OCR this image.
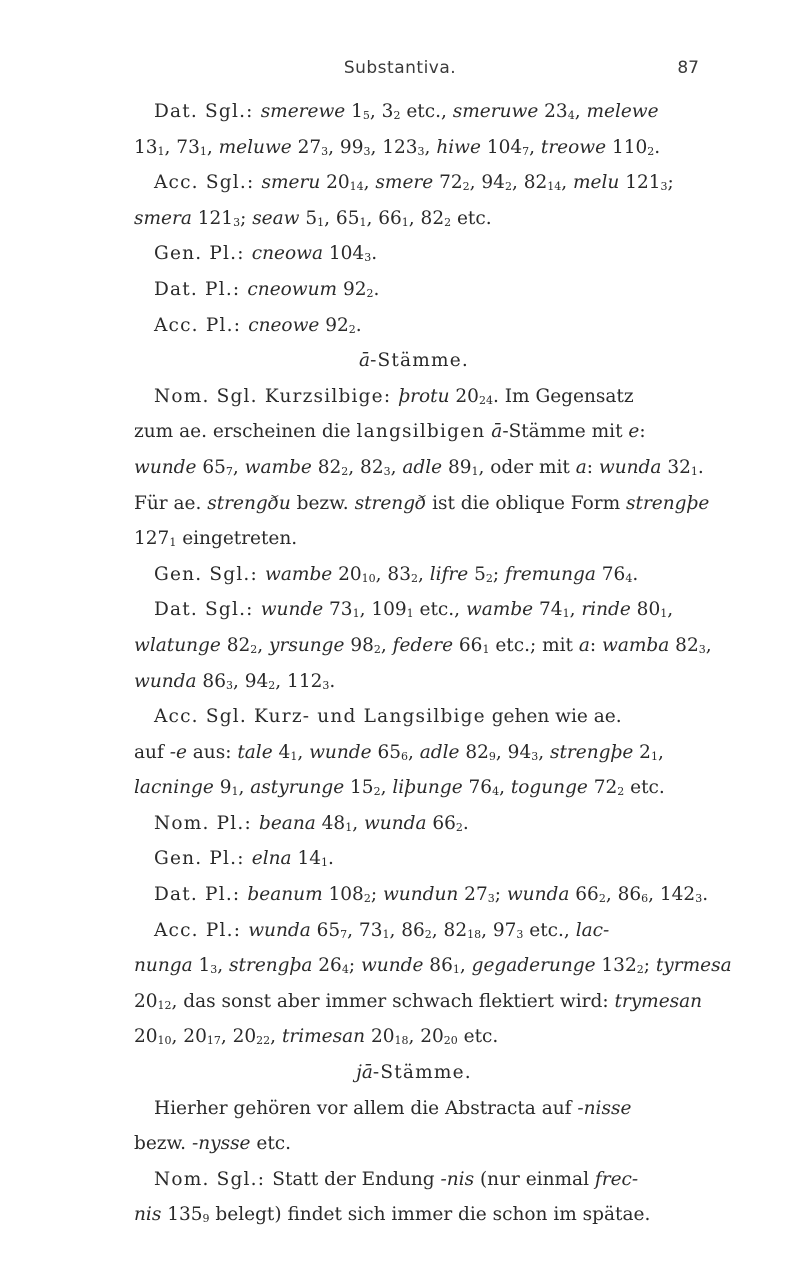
Substantiva.	87
Dat. Sgl.: smerewe $1_5$, $3_2$ etc., smeruwe $23_4$, melewe
$13_1$, $73_1$, meluwe $27_3$, $99_3$, $123_3$, hiwe $104_7$, treowe $110_2$.
Acc. Sgl.: smeru $20_{14}$, smere $72_2$, $94_2$, $82_{14}$, melu $121_3$;
smera $121_3$; seaw $5_1$, $65_1$, $66_1$, $82_2$ etc.
Gen. Pl.: cneowa $104_3$.
Dat. Pl.: cneowum $92_2$.
Acc. Pl.: cneowe $92_2$.
ā-Stämme.
Nom. Sgl. Kurzsilbige: þrotu $20_{24}$. Im Gegensatz
zum ae. erscheinen die langsilbigen ā-Stämme mit e:
wunde $65_7$, wambe $82_2$, $82_3$, adle $89_1$, oder mit a: wunda $32_1$.
Für ae. strengðu bezw. strengð ist die oblique Form strengþe
$127_1$ eingetreten.
Gen. Sgl.: wambe $20_{10}$, $83_2$, lifre $5_2$; fremunga $76_4$.
Dat. Sgl.: wunde $73_1$, $109_1$ etc., wambe $74_1$, rinde $80_1$,
wlatunge $82_2$, yrsunge $98_2$, federe $66_1$ etc.; mit a: wamba $82_3$,
wunda $86_3$, $94_2$, $112_3$.
Acc. Sgl. Kurz- und Langsilbige gehen wie ae.
auf -e aus: tale $4_1$, wunde $65_6$, adle $82_9$, $94_3$, strengþe $2_1$,
lacninge $9_1$, astyrunge $15_2$, liþunge $76_4$, togunge $72_2$ etc.
Nom. Pl.: beana $48_1$, wunda $66_2$.
Gen. Pl.: elna $14_1$.
Dat. Pl.: beanum $108_2$; wundun $27_3$; wunda $66_2$, $86_6$, $142_3$.
Acc. Pl.: wunda $65_7$, $73_1$, $86_2$, $82_{18}$, $97_3$ etc., lac-
nunga $1_3$, strengþa $26_4$; wunde $86_1$, gegaderunge $132_2$; tyrmesa
$20_{12}$, das sonst aber immer schwach flektiert wird: trymesan
$20_{10}$, $20_{17}$, $20_{22}$, trimesan $20_{18}$, $20_{20}$ etc.
jā-Stämme.
Hierher gehören vor allem die Abstracta auf -nisse
bezw. -nysse etc.
Nom. Sgl.: Statt der Endung -nis (nur einmal frec-
nis $135_9$ belegt) findet sich immer die schon im spätae.
